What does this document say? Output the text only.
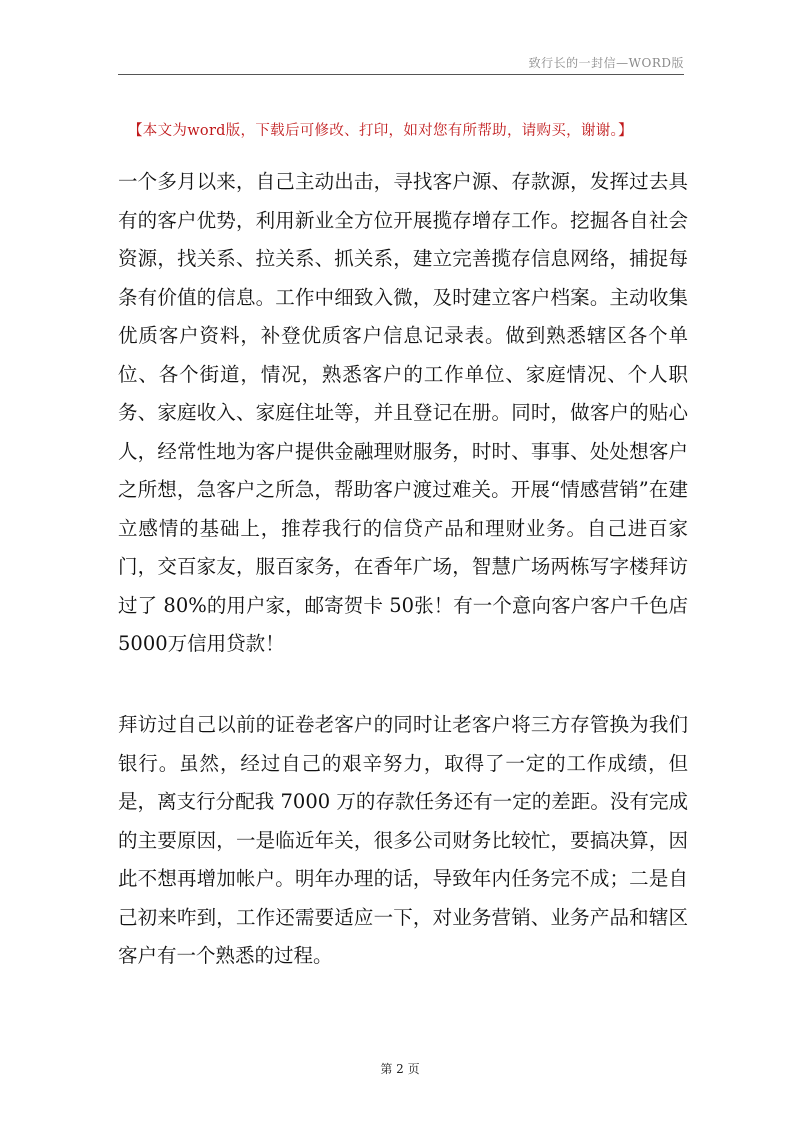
致行长的一封信—WORD版
【本文为word版，下载后可修改、打印，如对您有所帮助，请购买，谢谢。】

一个多月以来，自己主动出击，寻找客户源、存款源，发挥过去具有的客户优势，利用新业全方位开展揽存增存工作。挖掘各自社会资源，找关系、拉关系、抓关系，建立完善揽存信息网络，捕捉每条有价值的信息。工作中细致入微，及时建立客户档案。主动收集优质客户资料，补登优质客户信息记录表。做到熟悉辖区各个单位、各个街道，情况，熟悉客户的工作单位、家庭情况、个人职务、家庭收入、家庭住址等，并且登记在册。同时，做客户的贴心人，经常性地为客户提供金融理财服务，时时、事事、处处想客户之所想，急客户之所急，帮助客户渡过难关。开展“情感营销”在建立感情的基础上，推荐我行的信贷产品和理财业务。自己进百家门，交百家友，服百家务，在香年广场，智慧广场两栋写字楼拜访过了 80%的用户家，邮寄贺卡 50张！有一个意向客户客户千色店5000万信用贷款！

拜访过自己以前的证卷老客户的同时让老客户将三方存管换为我们银行。虽然，经过自己的艰辛努力，取得了一定的工作成绩，但是，离支行分配我 7000 万的存款任务还有一定的差距。没有完成的主要原因，一是临近年关，很多公司财务比较忙，要搞决算，因此不想再增加帐户。明年办理的话，导致年内任务完不成；二是自己初来咋到，工作还需要适应一下，对业务营销、业务产品和辖区客户有一个熟悉的过程。

第 2 页
